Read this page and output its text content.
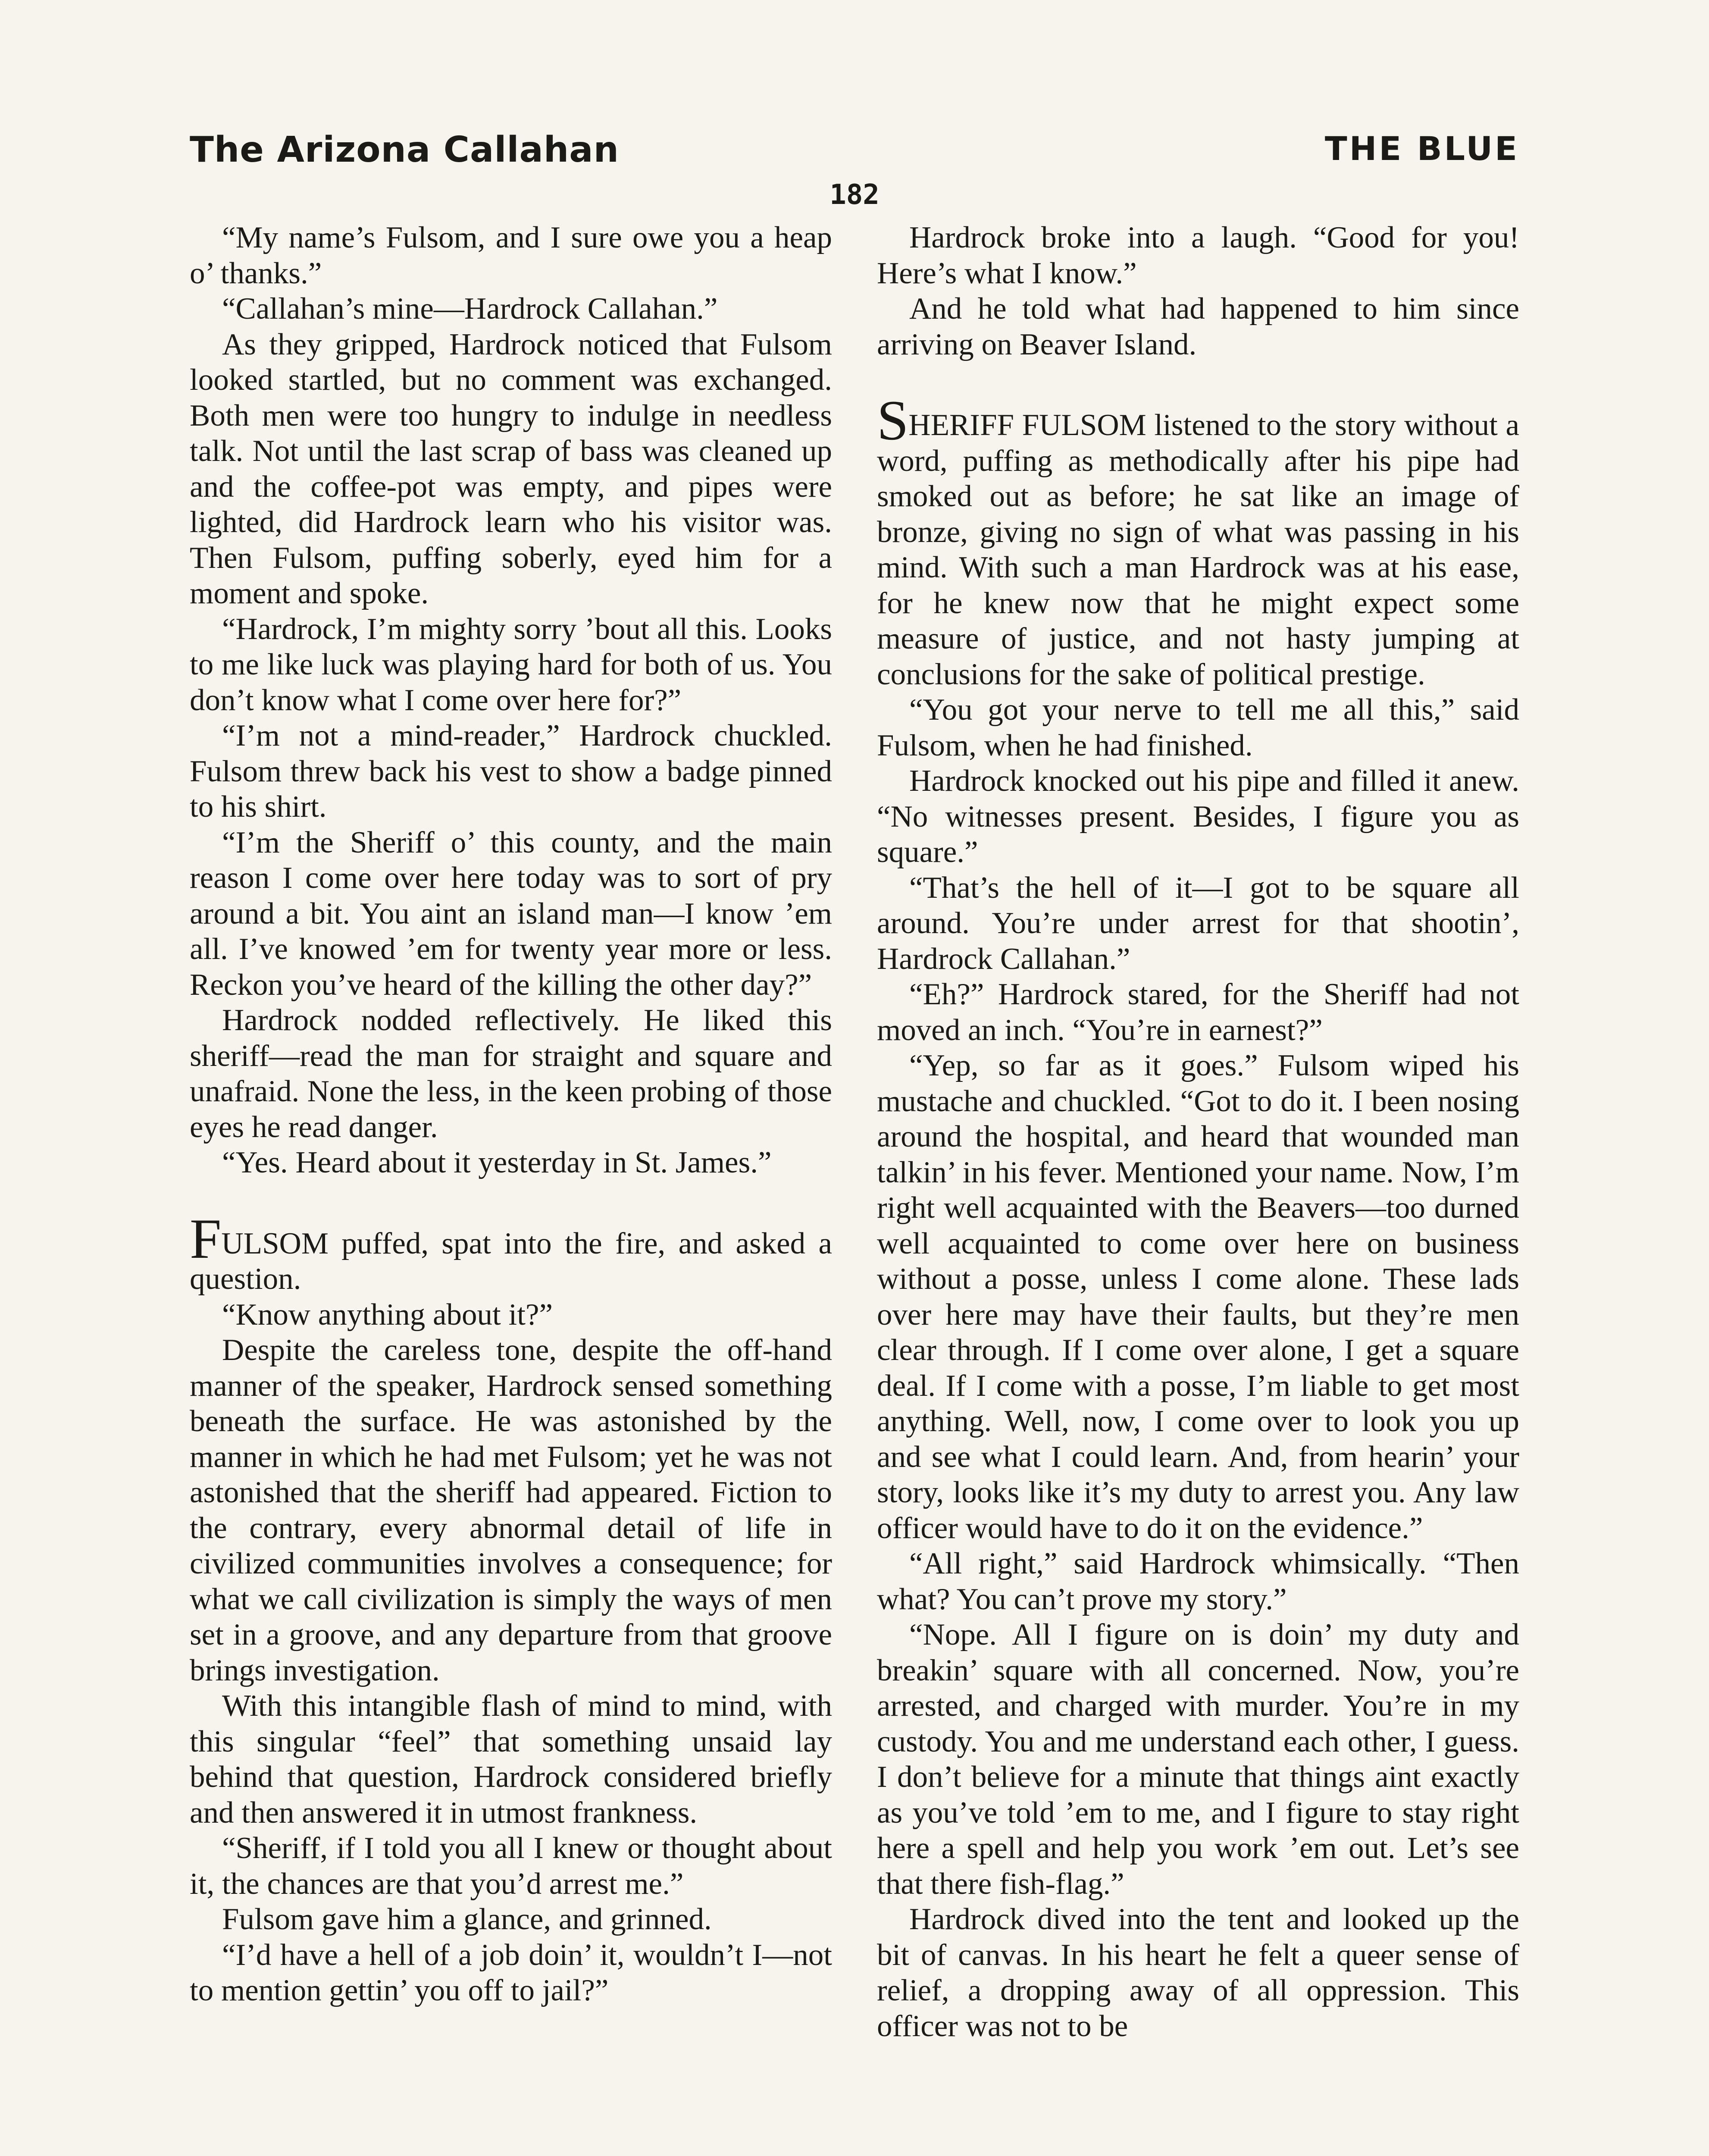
The Arizona Callahan	THE BLUE
182

“My name’s Fulsom, and I sure owe you a heap o’ thanks.”

“Callahan’s mine—Hardrock Callahan.”

As they gripped, Hardrock noticed that Fulsom looked startled, but no comment was exchanged. Both men were too hungry to indulge in needless talk. Not until the last scrap of bass was cleaned up and the coffee-pot was empty, and pipes were lighted, did Hardrock learn who his visitor was. Then Fulsom, puffing soberly, eyed him for a moment and spoke.

“Hardrock, I’m mighty sorry ’bout all this. Looks to me like luck was playing hard for both of us. You don’t know what I come over here for?”

“I’m not a mind-reader,” Hardrock chuckled. Fulsom threw back his vest to show a badge pinned to his shirt.

“I’m the Sheriff o’ this county, and the main reason I come over here today was to sort of pry around a bit. You aint an island man—I know ’em all. I’ve knowed ’em for twenty year more or less. Reckon you’ve heard of the killing the other day?”

Hardrock nodded reflectively. He liked this sheriff—read the man for straight and square and unafraid. None the less, in the keen probing of those eyes he read danger.

“Yes. Heard about it yesterday in St. James.”

FULSOM puffed, spat into the fire, and asked a question.

“Know anything about it?”

Despite the careless tone, despite the off-hand manner of the speaker, Hardrock sensed something beneath the surface. He was astonished by the manner in which he had met Fulsom; yet he was not astonished that the sheriff had appeared. Fiction to the contrary, every abnormal detail of life in civilized communities involves a consequence; for what we call civilization is simply the ways of men set in a groove, and any departure from that groove brings investigation.

With this intangible flash of mind to mind, with this singular “feel” that something unsaid lay behind that question, Hardrock considered briefly and then answered it in utmost frankness.

“Sheriff, if I told you all I knew or thought about it, the chances are that you’d arrest me.”

Fulsom gave him a glance, and grinned.

“I’d have a hell of a job doin’ it, wouldn’t I—not to mention gettin’ you off to jail?”

Hardrock broke into a laugh. “Good for you! Here’s what I know.”

And he told what had happened to him since arriving on Beaver Island.

SHERIFF FULSOM listened to the story without a word, puffing as methodically after his pipe had smoked out as before; he sat like an image of bronze, giving no sign of what was passing in his mind. With such a man Hardrock was at his ease, for he knew now that he might expect some measure of justice, and not hasty jumping at conclusions for the sake of political prestige.

“You got your nerve to tell me all this,” said Fulsom, when he had finished.

Hardrock knocked out his pipe and filled it anew. “No witnesses present. Besides, I figure you as square.”

“That’s the hell of it—I got to be square all around. You’re under arrest for that shootin’, Hardrock Callahan.”

“Eh?” Hardrock stared, for the Sheriff had not moved an inch. “You’re in earnest?”

“Yep, so far as it goes.” Fulsom wiped his mustache and chuckled. “Got to do it. I been nosing around the hospital, and heard that wounded man talkin’ in his fever. Mentioned your name. Now, I’m right well acquainted with the Beavers—too durned well acquainted to come over here on business without a posse, unless I come alone. These lads over here may have their faults, but they’re men clear through. If I come over alone, I get a square deal. If I come with a posse, I’m liable to get most anything. Well, now, I come over to look you up and see what I could learn. And, from hearin’ your story, looks like it’s my duty to arrest you. Any law officer would have to do it on the evidence.”

“All right,” said Hardrock whimsically. “Then what? You can’t prove my story.”

“Nope. All I figure on is doin’ my duty and breakin’ square with all concerned. Now, you’re arrested, and charged with murder. You’re in my custody. You and me understand each other, I guess. I don’t believe for a minute that things aint exactly as you’ve told ’em to me, and I figure to stay right here a spell and help you work ’em out. Let’s see that there fish-flag.”

Hardrock dived into the tent and looked up the bit of canvas. In his heart he felt a queer sense of relief, a dropping away of all oppression. This officer was not to be
